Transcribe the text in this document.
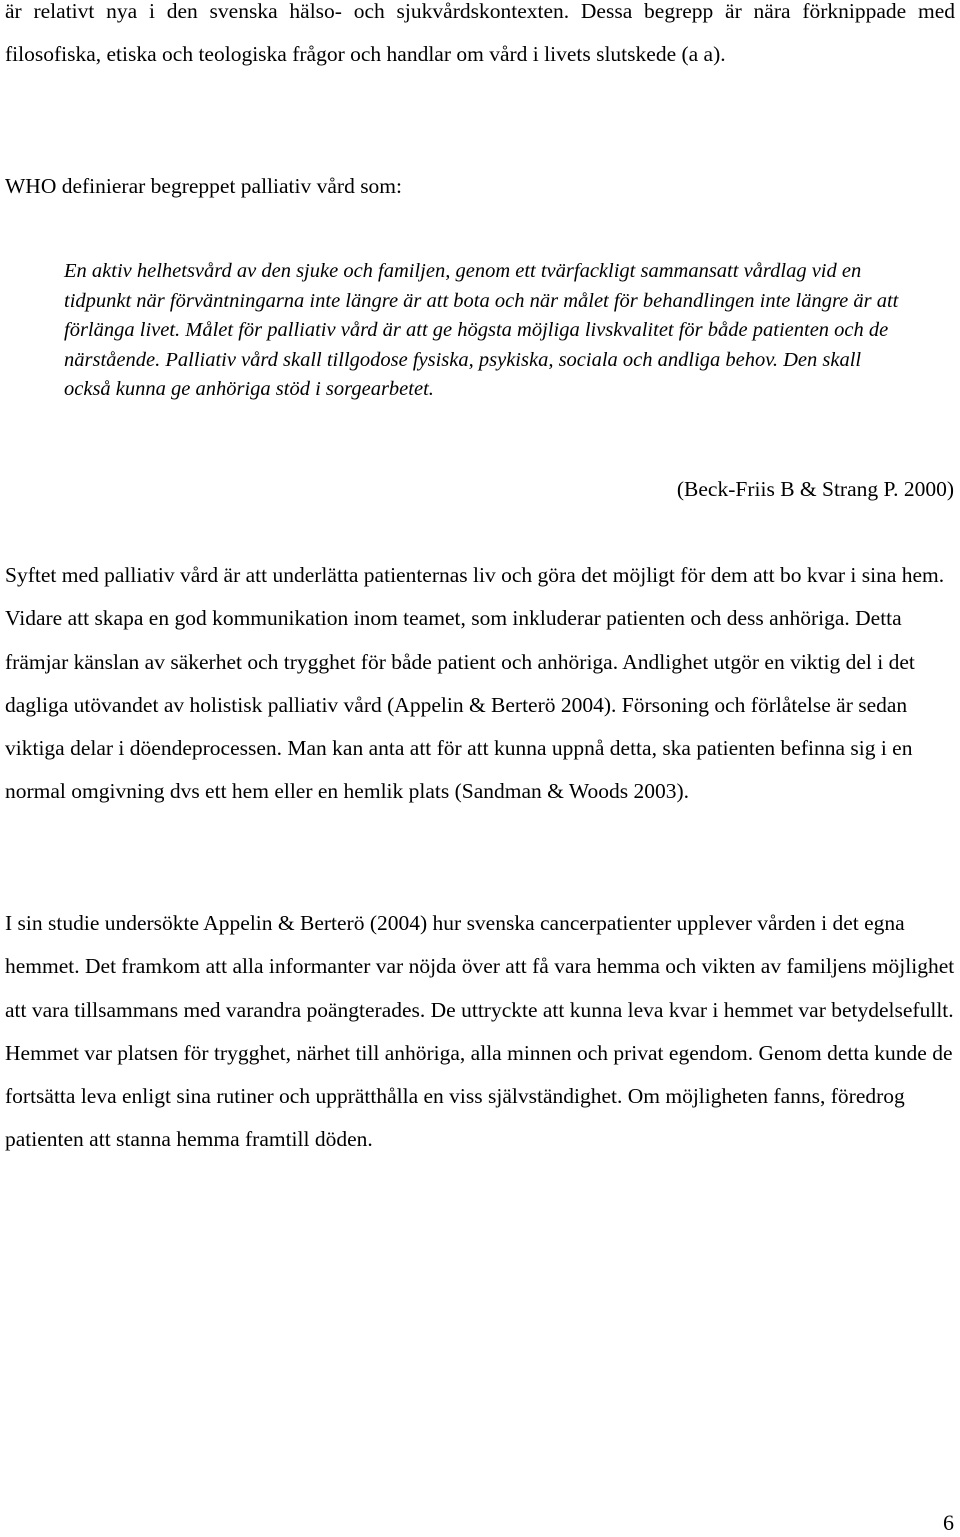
är relativt nya i den svenska hälso- och sjukvårdskontexten. Dessa begrepp är nära förknippade med filosofiska, etiska och teologiska frågor och handlar om vård i livets slutskede (a a).

WHO definierar begreppet palliativ vård som:

En aktiv helhetsvård av den sjuke och familjen, genom ett tvärfackligt sammansatt vårdlag vid en tidpunkt när förväntningarna inte längre är att bota och när målet för behandlingen inte längre är att förlänga livet. Målet för palliativ vård är att ge högsta möjliga livskvalitet för både patienten och de närstående. Palliativ vård skall tillgodose fysiska, psykiska, sociala och andliga behov. Den skall också kunna ge anhöriga stöd i sorgearbetet.

(Beck-Friis B & Strang P. 2000)

Syftet med palliativ vård är att underlätta patienternas liv och göra det möjligt för dem att bo kvar i sina hem. Vidare att skapa en god kommunikation inom teamet, som inkluderar patienten och dess anhöriga. Detta främjar känslan av säkerhet och trygghet för både patient och anhöriga. Andlighet utgör en viktig del i det dagliga utövandet av holistisk palliativ vård (Appelin & Berterö 2004). Försoning och förlåtelse är sedan viktiga delar i döendeprocessen. Man kan anta att för att kunna uppnå detta, ska patienten befinna sig i en normal omgivning dvs ett hem eller en hemlik plats (Sandman & Woods 2003).

I sin studie undersökte Appelin & Berterö (2004) hur svenska cancerpatienter upplever vården i det egna hemmet. Det framkom att alla informanter var nöjda över att få vara hemma och vikten av familjens möjlighet att vara tillsammans med varandra poängterades. De uttryckte att kunna leva kvar i hemmet var betydelsefullt. Hemmet var platsen för trygghet, närhet till anhöriga, alla minnen och privat egendom. Genom detta kunde de fortsätta leva enligt sina rutiner och upprätthålla en viss självständighet. Om möjligheten fanns, föredrog patienten att stanna hemma framtill döden.

6
